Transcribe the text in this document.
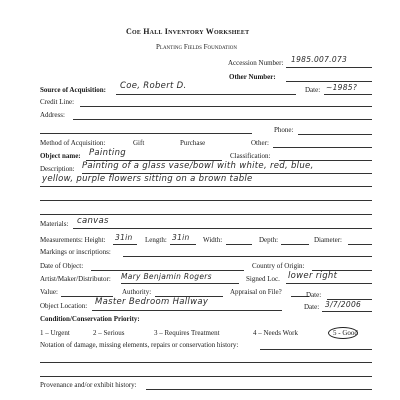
Coe Hall Inventory Worksheet
Planting Fields Foundation
Accession Number: 1985.007.073
Other Number:
Source of Acquisition: Coe, Robert D.	Date: ~1985?
Credit Line:
Address:
Phone:
Method of Acquisition:	Gift	Purchase	Other:
Object name: Painting	Classification:
Description: Painting of a glass vase/bowl with white, red, blue,
yellow, purple flowers sitting on a brown table
Materials: canvas
Measurements: Height: 31in Length: 31in Width:	Depth:	Diameter:
Markings or inscriptions:
Date of Object:	Country of Origin:
Artist/Maker/Distributor: Mary Benjamin Rogers	Signed Loc. lower right
Value:	Authority:	Appraisal on File?	Date:
Object Location: Master Bedroom Hallway	Date: 3/7/2006
Condition/Conservation Priority:
1 – Urgent	2 – Serious	3 – Requires Treatment	4 – Needs Work	5 - Good
Notation of damage, missing elements, repairs or conservation history:
Provenance and/or exhibit history:
